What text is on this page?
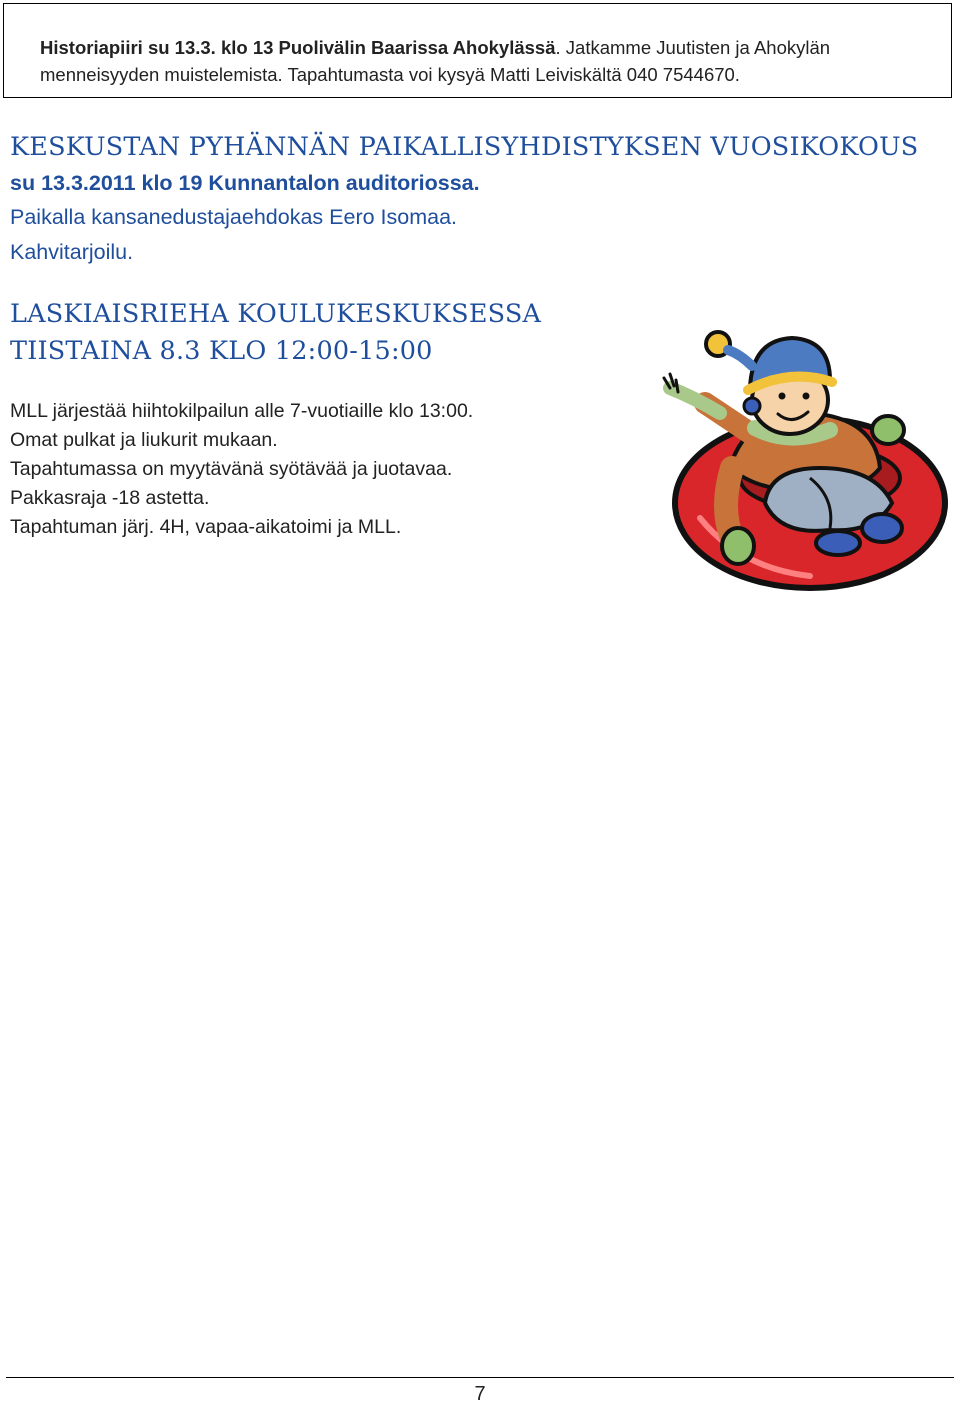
Historiapiiri su 13.3. klo 13 Puolivälin Baarissa Ahokylässä. Jatkamme Juutisten ja Ahokylän menneisyyden muistelemista. Tapahtumasta voi kysyä Matti Leiviskältä 040 7544670.
KESKUSTAN PYHÄNNÄN PAIKALLISYHDISTYKSEN VUOSIKOKOUS
su 13.3.2011 klo 19 Kunnantalon auditoriossa.
Paikalla kansanedustajaehdokas Eero Isomaa.
Kahvitarjoilu.
LASKIAISRIEHA KOULUKESKUKSESSA
TIISTAINA 8.3 KLO 12:00-15:00
MLL järjestää hiihtokilpailun alle 7-vuotiaille klo 13:00.
Omat pulkat ja liukurit mukaan.
Tapahtumassa on myytävänä syötävää ja juotavaa.
Pakkasraja -18 astetta.
Tapahtuman järj. 4H, vapaa-aikatoimi ja MLL.
7
